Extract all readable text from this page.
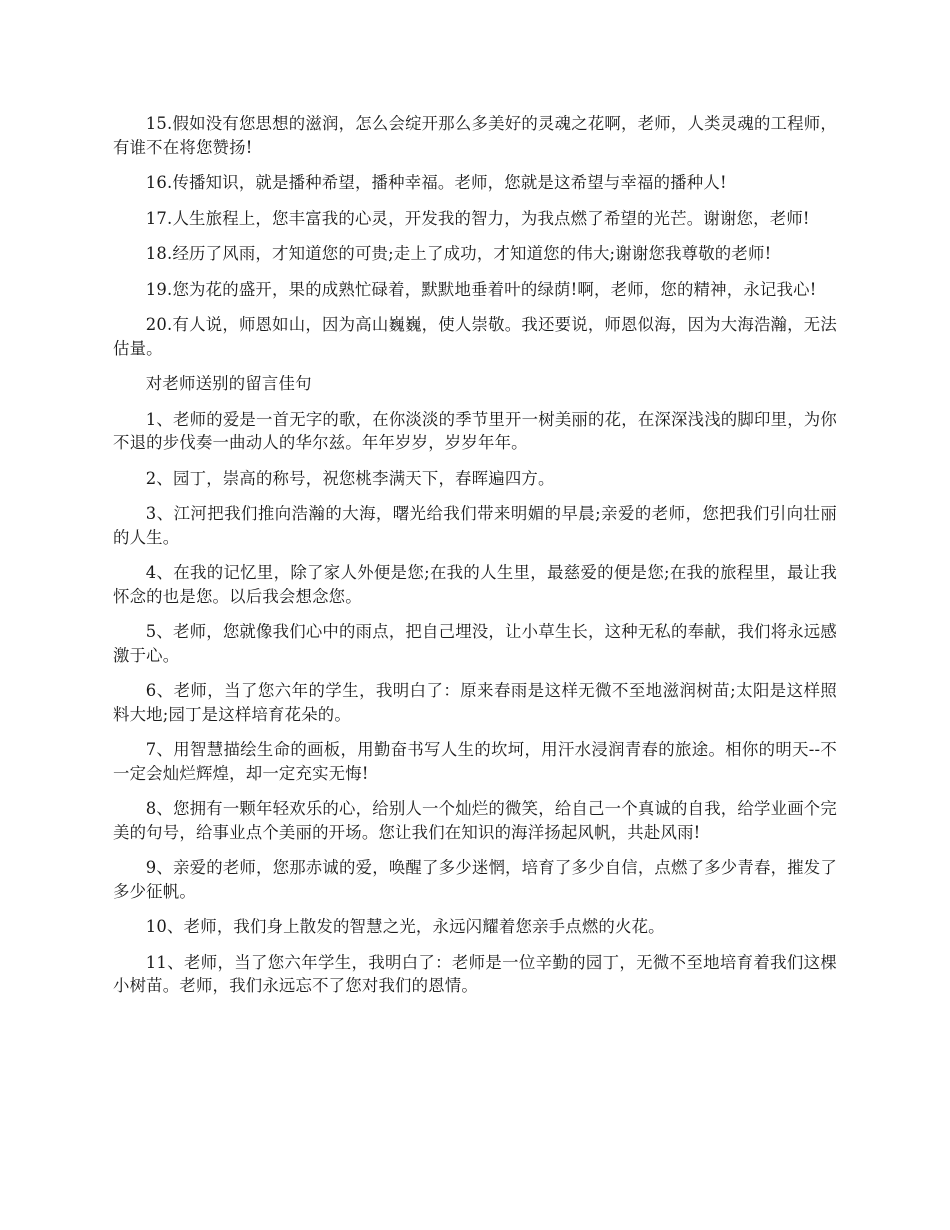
15.假如没有您思想的滋润，怎么会绽开那么多美好的灵魂之花啊，老师，人类灵魂的工程师，有谁不在将您赞扬!

16.传播知识，就是播种希望，播种幸福。老师，您就是这希望与幸福的播种人!

17.人生旅程上，您丰富我的心灵，开发我的智力，为我点燃了希望的光芒。谢谢您，老师!

18.经历了风雨，才知道您的可贵;走上了成功，才知道您的伟大;谢谢您我尊敬的老师!

19.您为花的盛开，果的成熟忙碌着，默默地垂着叶的绿荫!啊，老师，您的精神，永记我心!

20.有人说，师恩如山，因为高山巍巍，使人崇敬。我还要说，师恩似海，因为大海浩瀚，无法估量。

对老师送别的留言佳句

1、老师的爱是一首无字的歌，在你淡淡的季节里开一树美丽的花，在深深浅浅的脚印里，为你不退的步伐奏一曲动人的华尔兹。年年岁岁，岁岁年年。

2、园丁，崇高的称号，祝您桃李满天下，春晖遍四方。

3、江河把我们推向浩瀚的大海，曙光给我们带来明媚的早晨;亲爱的老师，您把我们引向壮丽的人生。

4、在我的记忆里，除了家人外便是您;在我的人生里，最慈爱的便是您;在我的旅程里，最让我怀念的也是您。以后我会想念您。

5、老师，您就像我们心中的雨点，把自己埋没，让小草生长，这种无私的奉献，我们将永远感激于心。

6、老师，当了您六年的学生，我明白了：原来春雨是这样无微不至地滋润树苗;太阳是这样照料大地;园丁是这样培育花朵的。

7、用智慧描绘生命的画板，用勤奋书写人生的坎坷，用汗水浸润青春的旅途。相你的明天--不一定会灿烂辉煌，却一定充实无悔!

8、您拥有一颗年轻欢乐的心，给别人一个灿烂的微笑，给自己一个真诚的自我，给学业画个完美的句号，给事业点个美丽的开场。您让我们在知识的海洋扬起风帆，共赴风雨!

9、亲爱的老师，您那赤诚的爱，唤醒了多少迷惘，培育了多少自信，点燃了多少青春，摧发了多少征帆。

10、老师，我们身上散发的智慧之光，永远闪耀着您亲手点燃的火花。

11、老师，当了您六年学生，我明白了：老师是一位辛勤的园丁，无微不至地培育着我们这棵小树苗。老师，我们永远忘不了您对我们的恩情。
